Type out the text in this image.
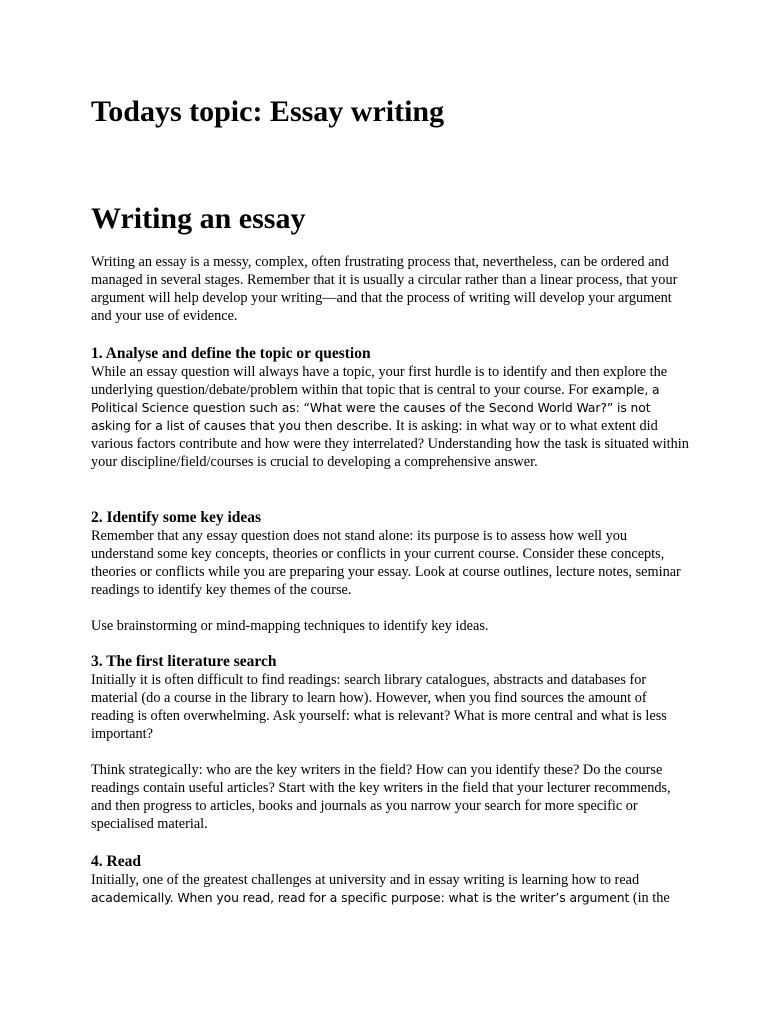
Todays topic: Essay writing
Writing an essay

Writing an essay is a messy, complex, often frustrating process that, nevertheless, can be ordered and managed in several stages. Remember that it is usually a circular rather than a linear process, that your argument will help develop your writing—and that the process of writing will develop your argument and your use of evidence.

1. Analyse and define the topic or question

While an essay question will always have a topic, your first hurdle is to identify and then explore the underlying question/debate/problem within that topic that is central to your course. For example, a Political Science question such as: “What were the causes of the Second World War?” is not asking for a list of causes that you then describe. It is asking: in what way or to what extent did various factors contribute and how were they interrelated? Understanding how the task is situated within your discipline/field/courses is crucial to developing a comprehensive answer.

2. Identify some key ideas

Remember that any essay question does not stand alone: its purpose is to assess how well you understand some key concepts, theories or conflicts in your current course. Consider these concepts, theories or conflicts while you are preparing your essay. Look at course outlines, lecture notes, seminar readings to identify key themes of the course.

Use brainstorming or mind-mapping techniques to identify key ideas.

3. The first literature search

Initially it is often difficult to find readings: search library catalogues, abstracts and databases for material (do a course in the library to learn how). However, when you find sources the amount of reading is often overwhelming. Ask yourself: what is relevant? What is more central and what is less important?

Think strategically: who are the key writers in the field? How can you identify these? Do the course readings contain useful articles? Start with the key writers in the field that your lecturer recommends, and then progress to articles, books and journals as you narrow your search for more specific or specialised material.

4. Read

Initially, one of the greatest challenges at university and in essay writing is learning how to read academically. When you read, read for a specific purpose: what is the writer’s argument (in the
